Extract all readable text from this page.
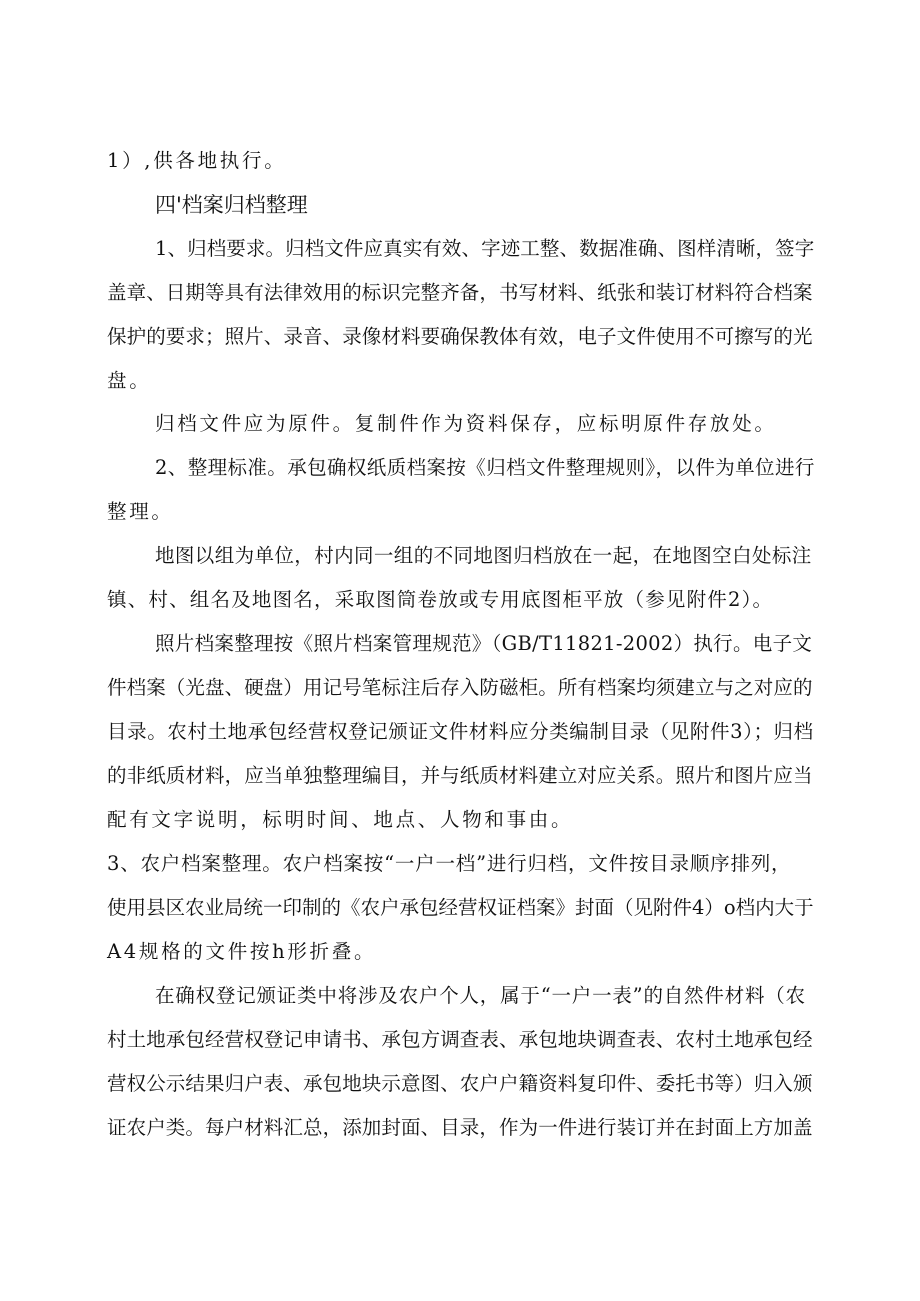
1）,供各地执行。
四'档案归档整理
1、归档要求。归档文件应真实有效、字迹工整、数据准确、图样清晰，签字
盖章、日期等具有法律效用的标识完整齐备，书写材料、纸张和装订材料符合档案
保护的要求；照片、录音、录像材料要确保教体有效，电子文件使用不可擦写的光
盘。
归档文件应为原件。复制件作为资料保存，应标明原件存放处。
2、整理标准。承包确权纸质档案按《归档文件整理规则》，以件为单位进行
整理。
地图以组为单位，村内同一组的不同地图归档放在一起，在地图空白处标注
镇、村、组名及地图名，采取图筒卷放或专用底图柜平放（参见附件2）。
照片档案整理按《照片档案管理规范》（GB/T11821-2002）执行。电子文
件档案（光盘、硬盘）用记号笔标注后存入防磁柜。所有档案均须建立与之对应的
目录。农村土地承包经营权登记颁证文件材料应分类编制目录（见附件3）；归档
的非纸质材料，应当单独整理编目，并与纸质材料建立对应关系。照片和图片应当
配有文字说明，标明时间、地点、人物和事由。
3、农户档案整理。农户档案按“一户一档”进行归档，文件按目录顺序排列，
使用县区农业局统一印制的《农户承包经营权证档案》封面（见附件4）o档内大于
A4规格的文件按h形折叠。
在确权登记颁证类中将涉及农户个人，属于“一户一表”的自然件材料（农
村土地承包经营权登记申请书、承包方调查表、承包地块调查表、农村土地承包经
营权公示结果归户表、承包地块示意图、农户户籍资料复印件、委托书等）归入颁
证农户类。每户材料汇总，添加封面、目录，作为一件进行装订并在封面上方加盖
